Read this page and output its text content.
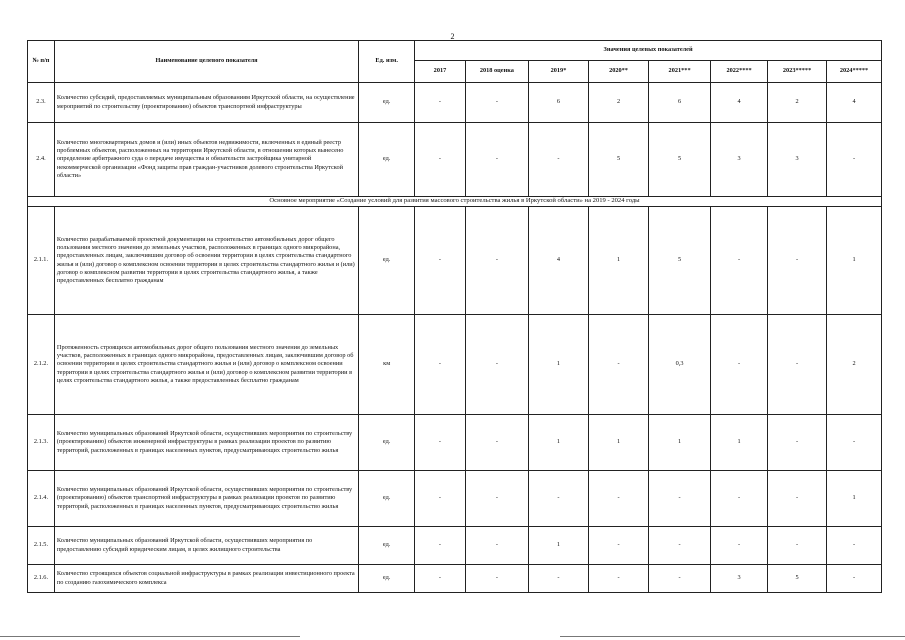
2
№ п/п	Наименование целевого показателя	Ед. изм.	Значения целевых показателей							
			2017	2018 оценка	2019*	2020**	2021***	2022****	2023*****	2024*****
2.3.	Количество субсидий, предоставляемых муниципальным образованиям Иркутской области, на осуществление мероприятий по строительству (проектированию) объектов транспортной инфраструктуры	ед.	-	-	6	2	6	4	2	4
2.4.	Количество многоквартирных домов и (или) иных объектов недвижимости, включенных в единый реестр проблемных объектов, расположенных на территории Иркутской области, в отношении которых вынесено определение арбитражного суда о передаче имущества и обязательств застройщика унитарной некоммерческой организации «Фонд защиты прав граждан-участников долевого строительства Иркутской области»	ед.	-	-	-	5	5	3	3	-
Основное мероприятие «Создание условий для развития массового строительства жилья в Иркутской области» на 2019 - 2024 годы										
2.1.1.	Количество разрабатываемой проектной документации на строительство автомобильных дорог общего пользования местного значения до земельных участков, расположенных в границах одного микрорайона, предоставленных лицам, заключившим договор об освоении территории в целях строительства стандартного жилья и (или) договор о комплексном освоении территории в целях строительства стандартного жилья и (или) договор о комплексном развитии территории в целях строительства стандартного жилья, а также предоставленных бесплатно гражданам	ед.	-	-	4	1	5	-	-	1
2.1.2.	Протяженность строящихся автомобильных дорог общего пользования местного значения до земельных участков, расположенных в границах одного микрорайона, предоставленных лицам, заключившим договор об освоении территории в целях строительства стандартного жилья и (или) договор о комплексном освоении территории в целях строительства стандартного жилья и (или) договор о комплексном развитии территории в целях строительства стандартного жилья, а также предоставленных бесплатно гражданам	км	-	-	1	-	0,3	-	-	2
2.1.3.	Количество муниципальных образований Иркутской области, осуществивших мероприятия по строительству (проектированию) объектов инженерной инфраструктуры в рамках реализации проектов по развитию территорий, расположенных в границах населенных пунктов, предусматривающих строительство жилья	ед.	-	-	1	1	1	1	-	-
2.1.4.	Количество муниципальных образований Иркутской области, осуществивших мероприятия по строительству (проектированию) объектов транспортной инфраструктуры в рамках реализации проектов по развитию территорий, расположенных в границах населенных пунктов, предусматривающих строительство жилья	ед.	-	-	-	-	-	-	-	1
2.1.5.	Количество муниципальных образований Иркутской области, осуществивших мероприятия по предоставлению субсидий юридическим лицам, в целях жилищного строительства	ед.	-	-	1	-	-	-	-	-
2.1.6.	Количество строящихся объектов социальной инфраструктуры в рамках реализации инвестиционного проекта по созданию газохимического комплекса	ед.	-	-	-	-	-	3	5	-
